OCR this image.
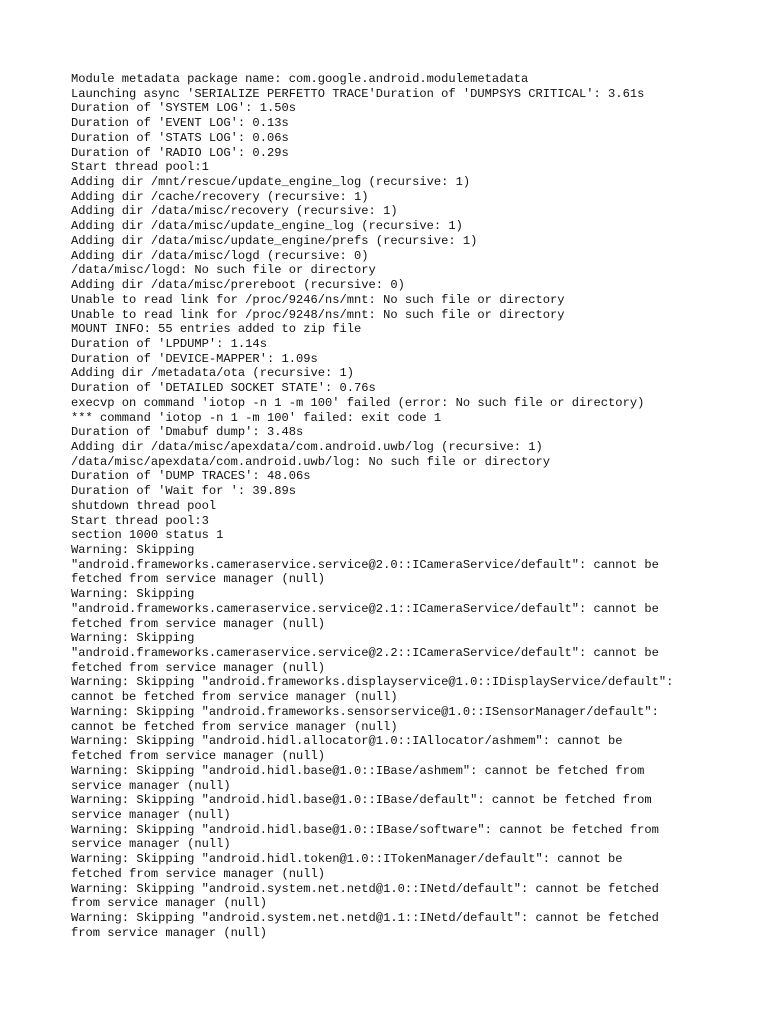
Module metadata package name: com.google.android.modulemetadata
Launching async 'SERIALIZE PERFETTO TRACE'Duration of 'DUMPSYS CRITICAL': 3.61s
Duration of 'SYSTEM LOG': 1.50s
Duration of 'EVENT LOG': 0.13s
Duration of 'STATS LOG': 0.06s
Duration of 'RADIO LOG': 0.29s
Start thread pool:1
Adding dir /mnt/rescue/update_engine_log (recursive: 1)
Adding dir /cache/recovery (recursive: 1)
Adding dir /data/misc/recovery (recursive: 1)
Adding dir /data/misc/update_engine_log (recursive: 1)
Adding dir /data/misc/update_engine/prefs (recursive: 1)
Adding dir /data/misc/logd (recursive: 0)
/data/misc/logd: No such file or directory
Adding dir /data/misc/prereboot (recursive: 0)
Unable to read link for /proc/9246/ns/mnt: No such file or directory
Unable to read link for /proc/9248/ns/mnt: No such file or directory
MOUNT INFO: 55 entries added to zip file
Duration of 'LPDUMP': 1.14s
Duration of 'DEVICE-MAPPER': 1.09s
Adding dir /metadata/ota (recursive: 1)
Duration of 'DETAILED SOCKET STATE': 0.76s
execvp on command 'iotop -n 1 -m 100' failed (error: No such file or directory)
*** command 'iotop -n 1 -m 100' failed: exit code 1
Duration of 'Dmabuf dump': 3.48s
Adding dir /data/misc/apexdata/com.android.uwb/log (recursive: 1)
/data/misc/apexdata/com.android.uwb/log: No such file or directory
Duration of 'DUMP TRACES': 48.06s
Duration of 'Wait for ': 39.89s
shutdown thread pool
Start thread pool:3
section 1000 status 1
Warning: Skipping
"android.frameworks.cameraservice.service@2.0::ICameraService/default": cannot be
fetched from service manager (null)
Warning: Skipping
"android.frameworks.cameraservice.service@2.1::ICameraService/default": cannot be
fetched from service manager (null)
Warning: Skipping
"android.frameworks.cameraservice.service@2.2::ICameraService/default": cannot be
fetched from service manager (null)
Warning: Skipping "android.frameworks.displayservice@1.0::IDisplayService/default":
cannot be fetched from service manager (null)
Warning: Skipping "android.frameworks.sensorservice@1.0::ISensorManager/default":
cannot be fetched from service manager (null)
Warning: Skipping "android.hidl.allocator@1.0::IAllocator/ashmem": cannot be
fetched from service manager (null)
Warning: Skipping "android.hidl.base@1.0::IBase/ashmem": cannot be fetched from
service manager (null)
Warning: Skipping "android.hidl.base@1.0::IBase/default": cannot be fetched from
service manager (null)
Warning: Skipping "android.hidl.base@1.0::IBase/software": cannot be fetched from
service manager (null)
Warning: Skipping "android.hidl.token@1.0::ITokenManager/default": cannot be
fetched from service manager (null)
Warning: Skipping "android.system.net.netd@1.0::INetd/default": cannot be fetched
from service manager (null)
Warning: Skipping "android.system.net.netd@1.1::INetd/default": cannot be fetched
from service manager (null)
